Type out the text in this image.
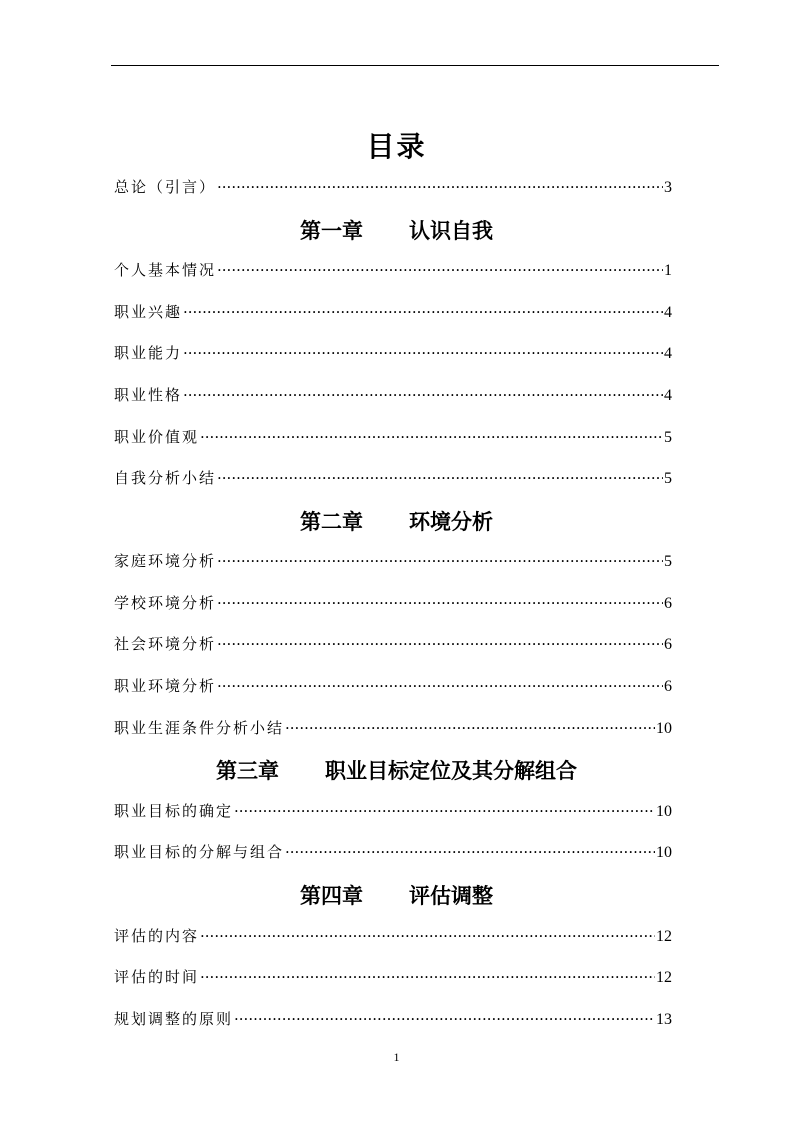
目录
总论（引言） ·····	3
第一章 认识自我
个人基本情况 ·····	1
职业兴趣 ·····	4
职业能力 ·····	4
职业性格 ·····	4
职业价值观 ·····	5
自我分析小结 ·····	5
第二章 环境分析
家庭环境分析 ·····	5
学校环境分析 ·····	6
社会环境分析 ·····	6
职业环境分析 ·····	6
职业生涯条件分析小结 ·····	10
第三章 职业目标定位及其分解组合
职业目标的确定 ·····	10
职业目标的分解与组合 ·····	10
第四章 评估调整
评估的内容 ·····	12
评估的时间 ·····	12
规划调整的原则 ·····	13
1
